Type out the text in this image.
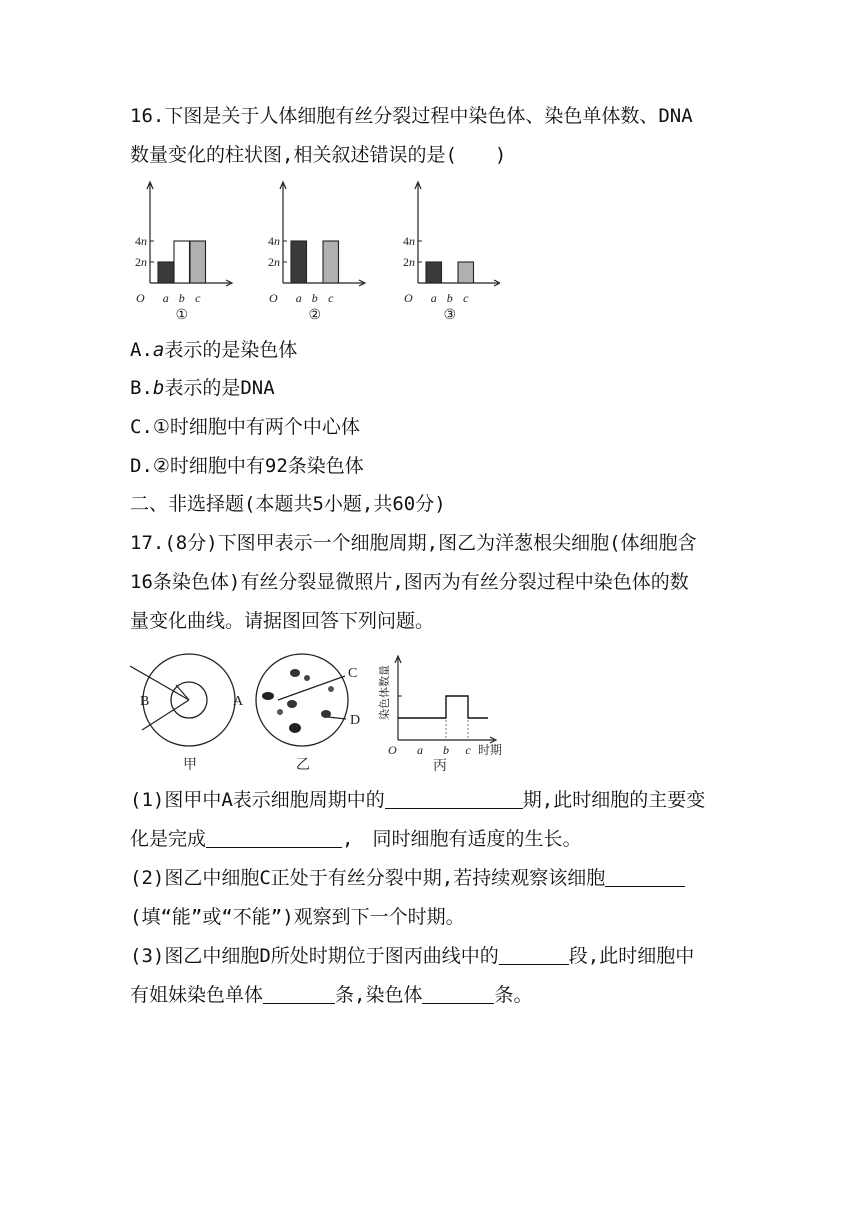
16.下图是关于人体细胞有丝分裂过程中染色体、染色单体数、DNA
数量变化的柱状图,相关叙述错误的是(　　)
2n
4n
O a b c
①
2n
4n
O a b c
②
2n
4n
O a b c
③
A.a表示的是染色体
B.b表示的是DNA
C.①时细胞中有两个中心体
D.②时细胞中有92条染色体
二、非选择题(本题共5小题,共60分)
17.(8分)下图甲表示一个细胞周期,图乙为洋葱根尖细胞(体细胞含
16条染色体)有丝分裂显微照片,图丙为有丝分裂过程中染色体的数
量变化曲线。请据图回答下列问题。
B	A
甲
C
D
乙
染色体数量
O a b c 时期
丙
(1)图甲中A表示细胞周期中的	期,此时细胞的主要变
化是完成	,　同时细胞有适度的生长。
(2)图乙中细胞C正处于有丝分裂中期,若持续观察该细胞
(填“能”或“不能”)观察到下一个时期。
(3)图乙中细胞D所处时期位于图丙曲线中的	段,此时细胞中
有姐妹染色单体	条,染色体	条。
